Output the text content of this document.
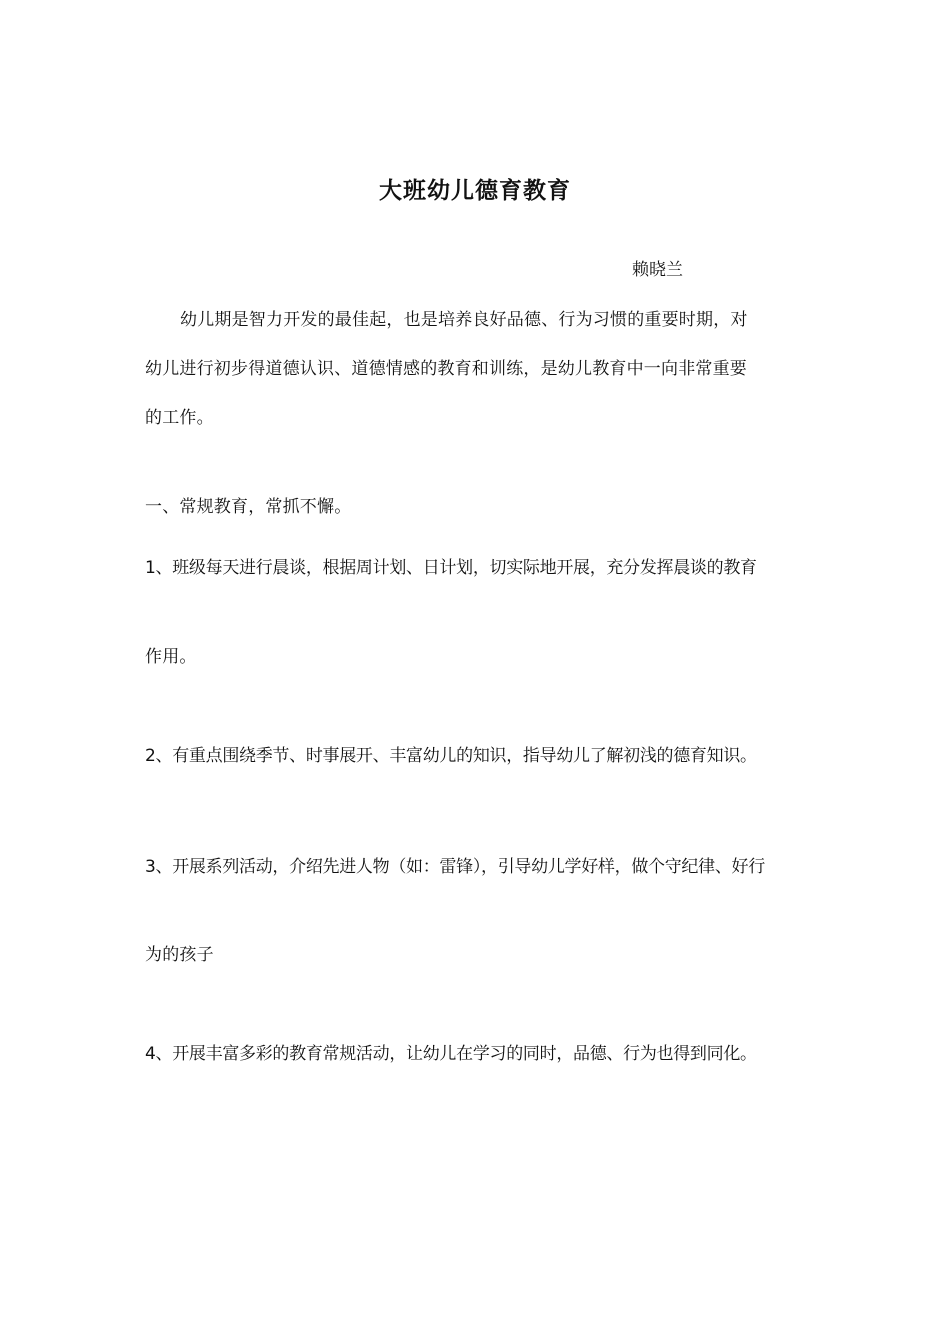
大班幼儿德育教育
赖晓兰
幼儿期是智力开发的最佳起，也是培养良好品德、行为习惯的重要时期，对
幼儿进行初步得道德认识、道德情感的教育和训练，是幼儿教育中一向非常重要
的工作。
一、常规教育，常抓不懈。
1、班级每天进行晨谈，根据周计划、日计划，切实际地开展，充分发挥晨谈的教育
作用。
2、有重点围绕季节、时事展开、丰富幼儿的知识，指导幼儿了解初浅的德育知识。
3、开展系列活动，介绍先进人物（如：雷锋），引导幼儿学好样，做个守纪律、好行
为的孩子
4、开展丰富多彩的教育常规活动，让幼儿在学习的同时，品德、行为也得到同化。
